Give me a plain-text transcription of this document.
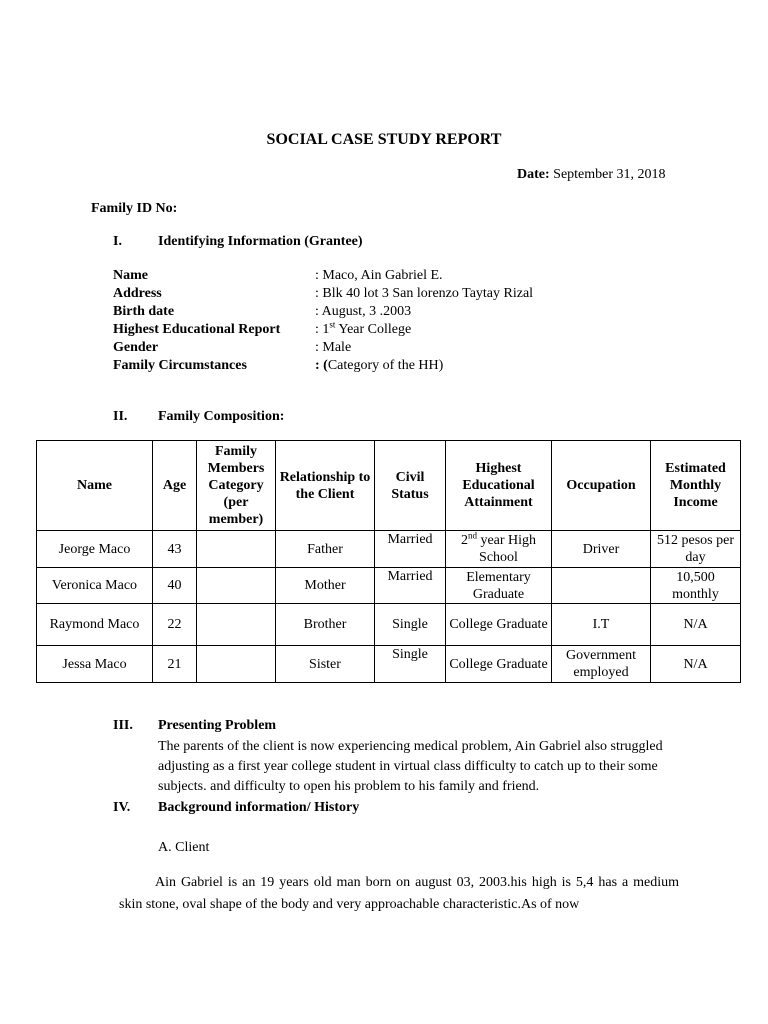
SOCIAL CASE STUDY REPORT
Date: September 31, 2018
Family ID No:
I.	Identifying Information (Grantee)
Name	: Maco, Ain Gabriel E.
Address	: Blk 40 lot 3 San lorenzo Taytay Rizal
Birth date	: August, 3 .2003
Highest Educational Report : 1st Year College
Gender	: Male
Family Circumstances	: (Category of the HH)
II. Family Composition:
Name	Age	Family Members Category (per member)	Relationship to the Client	Civil Status	Highest Educational Attainment	Occupation	Estimated Monthly Income
Jeorge Maco	43		Father	Married	2nd year High School	Driver	512 pesos per day
Veronica Maco	40		Mother	Married	Elementary Graduate		10,500 monthly
Raymond Maco	22		Brother	Single	College Graduate	I.T	N/A
Jessa Maco	21		Sister	Single	College Graduate	Government employed	N/A
III. Presenting Problem
The parents of the client is now experiencing medical problem, Ain Gabriel also struggled adjusting as a first year college student in virtual class difficulty to catch up to their some subjects. and difficulty to open his problem to his family and friend.
IV. Background information/ History
A. Client
Ain Gabriel is an 19 years old man born on august 03, 2003.his high is 5,4 has a medium skin stone, oval shape of the body and very approachable characteristic.As of now
